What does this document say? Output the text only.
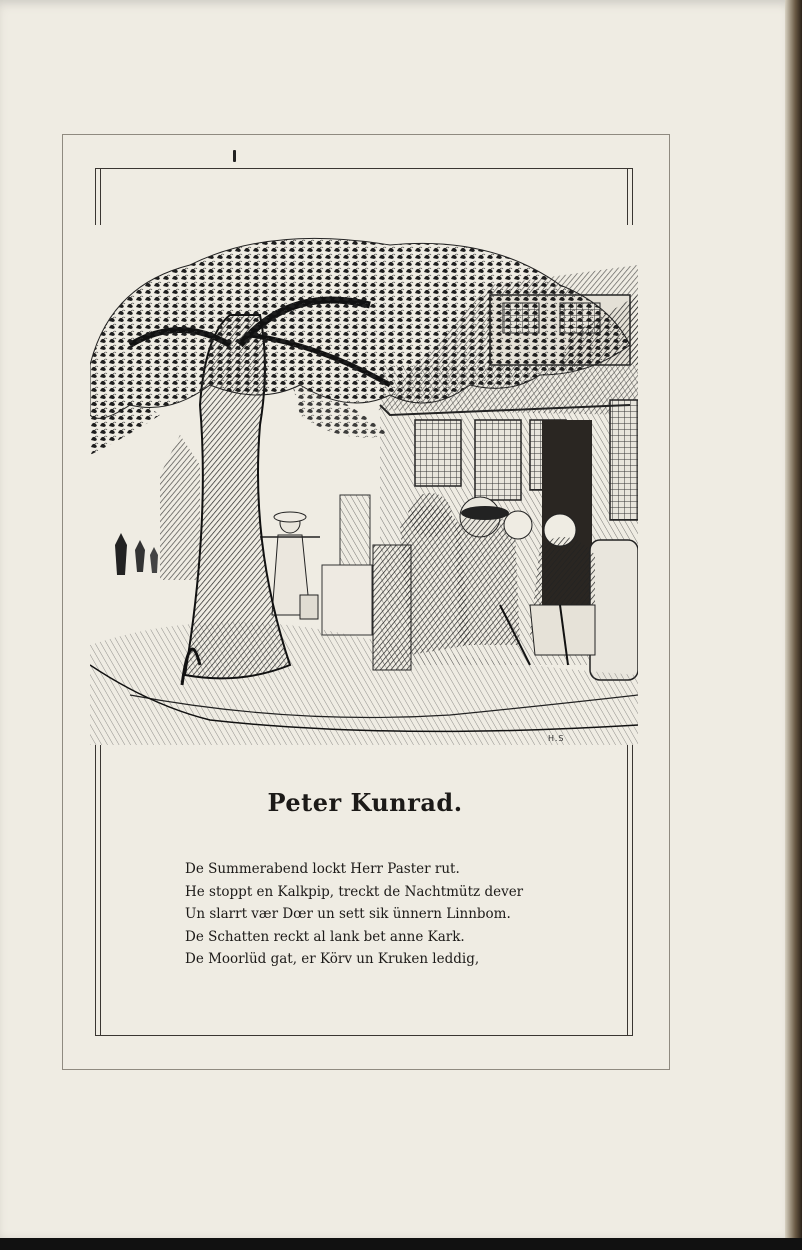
H.S
Peter Kunrad.
De Summerabend lockt Herr Paster rut.
He stoppt en Kalkpip, treckt de Nachtmütz dever
Un slarrt vær Dœr un sett sik ünnern Linnbom.
De Schatten reckt al lank bet anne Kark.
De Moorlüd gat, er Körv un Kruken leddig,
